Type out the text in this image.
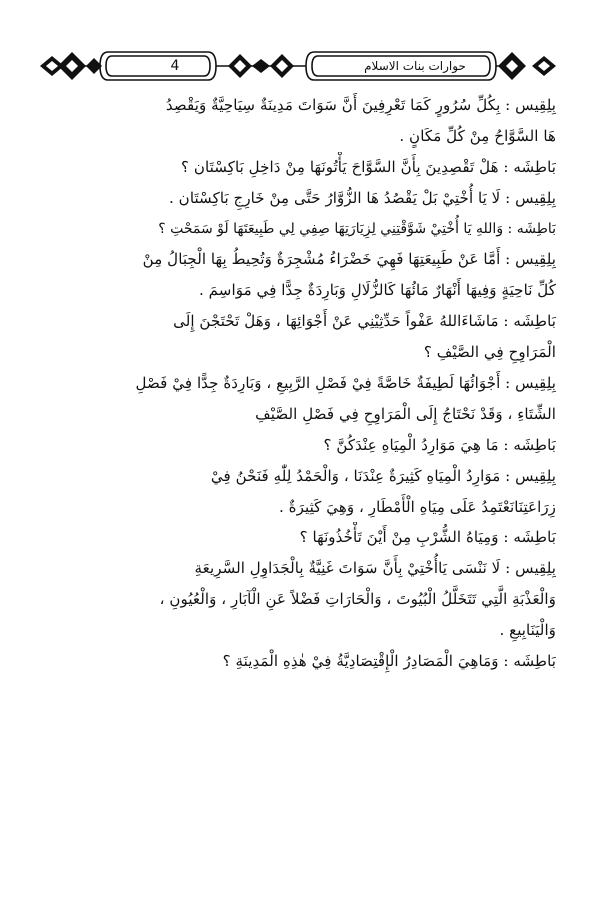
4	حوارات بنات الاسلام
بِلِقِيس : بِكُلِّ سُرُورٍ كَمَا تَعْرِفِينَ أَنَّ سَوَاتَ مَدِينَةٌ سِيَاحِيَّةٌ وَيَقْصِدُ
هَا السَّوَّاحُ مِنْ كُلِّ مَكَانٍ .
بَاطِشَه : هَلْ تَقْصِدِينَ بِأَنَّ السَّوَّاحَ يَأْتُونَهَا مِنْ دَاخِلِ بَاكِسْتَان ؟
بِلِقِيس : لَا يَا أُخْتِيْ بَلْ يَقْصُدُ هَا الزُّوَّارُ حَتَّى مِنْ خَارِجِ بَاكِسْتَان .
بَاطِشَه : وَاللهِ يَا أُخْتِيْ شَوَّقْتِنِي لِزِيَارَتِهَا صِفِي لِي طَبِيعَتَهَا لَوْ سَمَحْتِ ؟
بِلِقِيس : أَمَّا عَنْ طَبِيعَتِهَا فَهِيَ خَضْرَاءُ مُشْجِرَةٌ وَتُحِيطُ بِهَا الْجِبَالُ مِنْ
كُلِّ نَاحِيَةٍ وَفِيهَا أَنْهَارٌ مَائُهَا كَالزُّلَالِ وَبَارِدَةٌ جِدًّا فِي مَوَاسِمَ .
بَاطِشَه : مَاشَاءَاللهُ عَفْواً حَدِّثِيْنِي عَنْ أَجْوَائِهَا ، وَهَلْ تَحْتَجْنَ إِلَى
الْمَرَاوِحِ فِي الصَّيْفِ ؟
بِلِقِيس : أَجْوَائُهَا لَطِيفَةٌ خَاصَّةً فِيْ فَصْلِ الرَّبِيعِ ، وَبَارِدَةٌ جِدًّا فِيْ فَصْلِ
الشِّتَاءِ ، وَقَدْ نَحْتَاجُ إِلَى الْمَرَاوِحِ فِي فَصْلِ الصَّيْفِ
بَاطِشَه : مَا هِيَ مَوَارِدُ الْمِيَاهِ عِنْدَكُنَّ ؟
بِلِقِيس : مَوَارِدُ الْمِيَاهِ كَثِيرَةٌ عِنْدَنَا ، وَالْحَمْدُ لِلّٰهِ فَنَحْنُ فِيْ
زِرَاعَتِنَانَعْتَمِدُ عَلَى مِيَاهِ الْأَمْطَارِ ، وَهِيَ كَثِيرَةٌ .
بَاطِشَه : وَمِيَاهُ الشُّرْبِ مِنْ أَيْنَ تَأْخُذُونَهَا ؟
بِلِقِيس : لَا نَنْسَى يَاأُخْتِيْ بِأَنَّ سَوَاتَ غَنِيَّةٌ بِالْجَدَاوِلِ السَّرِيعَةِ
وَالْعَذْبَةِ الَّتِي تَتَخَلَّلُ الْبُيُوتَ ، وَالْحَارَاتِ فَضْلاً عَنِ الْآبَارِ ، وَالْعُيُونِ ،
وَالْيَنَابِيعِ .
بَاطِشَه : وَمَاهِيَ الْمَصَادِرُ الْإِقْتِصَادِيَّةُ فِيْ هٰذِهِ الْمَدِينَةِ ؟
